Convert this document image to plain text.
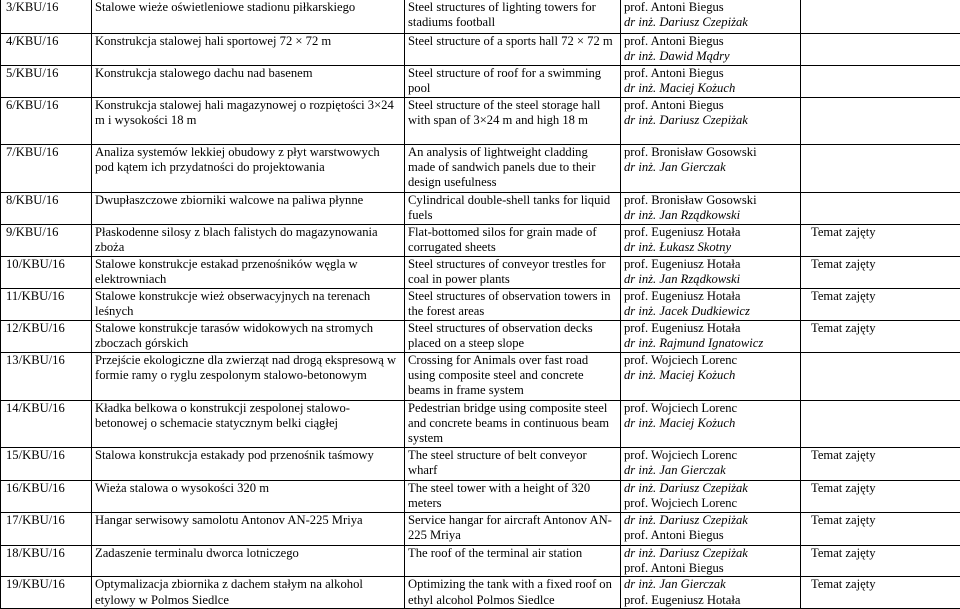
3/KBU/16	Stalowe wieże oświetleniowe stadionu piłkarskiego	Steel structures of lighting towers for stadiums football	prof. Antoni Biegus
dr inż. Dariusz Czepiżak	

4/KBU/16	Konstrukcja stalowej hali sportowej 72 × 72 m	Steel structure of a sports hall 72 × 72 m	prof. Antoni Biegus
dr inż. Dawid Mądry	

5/KBU/16	Konstrukcja stalowego dachu nad basenem	Steel structure of roof for a swimming pool	prof. Antoni Biegus
dr inż. Maciej Kożuch	

6/KBU/16	Konstrukcja stalowej hali magazynowej o rozpiętości 3×24 m i wysokości 18 m	Steel structure of the steel storage hall with span of 3×24 m and high 18 m	prof. Antoni Biegus
dr inż. Dariusz Czepiżak	

7/KBU/16	Analiza systemów lekkiej obudowy z płyt warstwowych pod kątem ich przydatności do projektowania	An analysis of lightweight cladding made of sandwich panels due to their design usefulness	prof. Bronisław Gosowski
dr inż. Jan Gierczak	

8/KBU/16	Dwupłaszczowe zbiorniki walcowe na paliwa płynne	Cylindrical double-shell tanks for liquid fuels	prof. Bronisław Gosowski
dr inż. Jan Rządkowski	

9/KBU/16	Płaskodenne silosy z blach falistych do magazynowania zboża	Flat-bottomed silos for grain made of corrugated sheets	prof. Eugeniusz Hotała
dr inż. Łukasz Skotny	Temat zajęty
10/KBU/16	Stalowe konstrukcje estakad przenośników węgla w elektrowniach	Steel structures of conveyor trestles for coal in power plants	prof. Eugeniusz Hotała
dr inż. Jan Rządkowski	Temat zajęty
11/KBU/16	Stalowe konstrukcje wież obserwacyjnych na terenach leśnych	Steel structures of observation towers in the forest areas	prof. Eugeniusz Hotała
dr inż. Jacek Dudkiewicz	Temat zajęty
12/KBU/16	Stalowe konstrukcje tarasów widokowych na stromych zboczach górskich	Steel structures of observation decks placed on a steep slope	prof. Eugeniusz Hotała
dr inż. Rajmund Ignatowicz	Temat zajęty
13/KBU/16	Przejście ekologiczne dla zwierząt nad drogą ekspresową w formie ramy o ryglu zespolonym stalowo-betonowym	Crossing for Animals over fast road using composite steel and concrete beams in frame system	prof. Wojciech Lorenc
dr inż. Maciej Kożuch	

14/KBU/16	Kładka belkowa o konstrukcji zespolonej stalowo-betonowej o schemacie statycznym belki ciągłej	Pedestrian bridge using composite steel and concrete beams in continuous beam system	prof. Wojciech Lorenc
dr inż. Maciej Kożuch	

15/KBU/16	Stalowa konstrukcja estakady pod przenośnik taśmowy	The steel structure of belt conveyor wharf	prof. Wojciech Lorenc
dr inż. Jan Gierczak	Temat zajęty
16/KBU/16	Wieża stalowa o wysokości 320 m	The steel tower with a height of 320 meters	dr inż. Dariusz Czepiżak
prof. Wojciech Lorenc	Temat zajęty
17/KBU/16	Hangar serwisowy samolotu Antonov AN-225 Mriya	Service hangar for aircraft Antonov AN-225 Mriya	dr inż. Dariusz Czepiżak
prof. Antoni Biegus	Temat zajęty
18/KBU/16	Zadaszenie terminalu dworca lotniczego	The roof of the terminal air station	dr inż. Dariusz Czepiżak
prof. Antoni Biegus	Temat zajęty
19/KBU/16	Optymalizacja zbiornika z dachem stałym na alkohol etylowy w Polmos Siedlce	Optimizing the tank with a fixed roof on ethyl alcohol Polmos Siedlce	dr inż. Jan Gierczak
prof. Eugeniusz Hotała	Temat zajęty
